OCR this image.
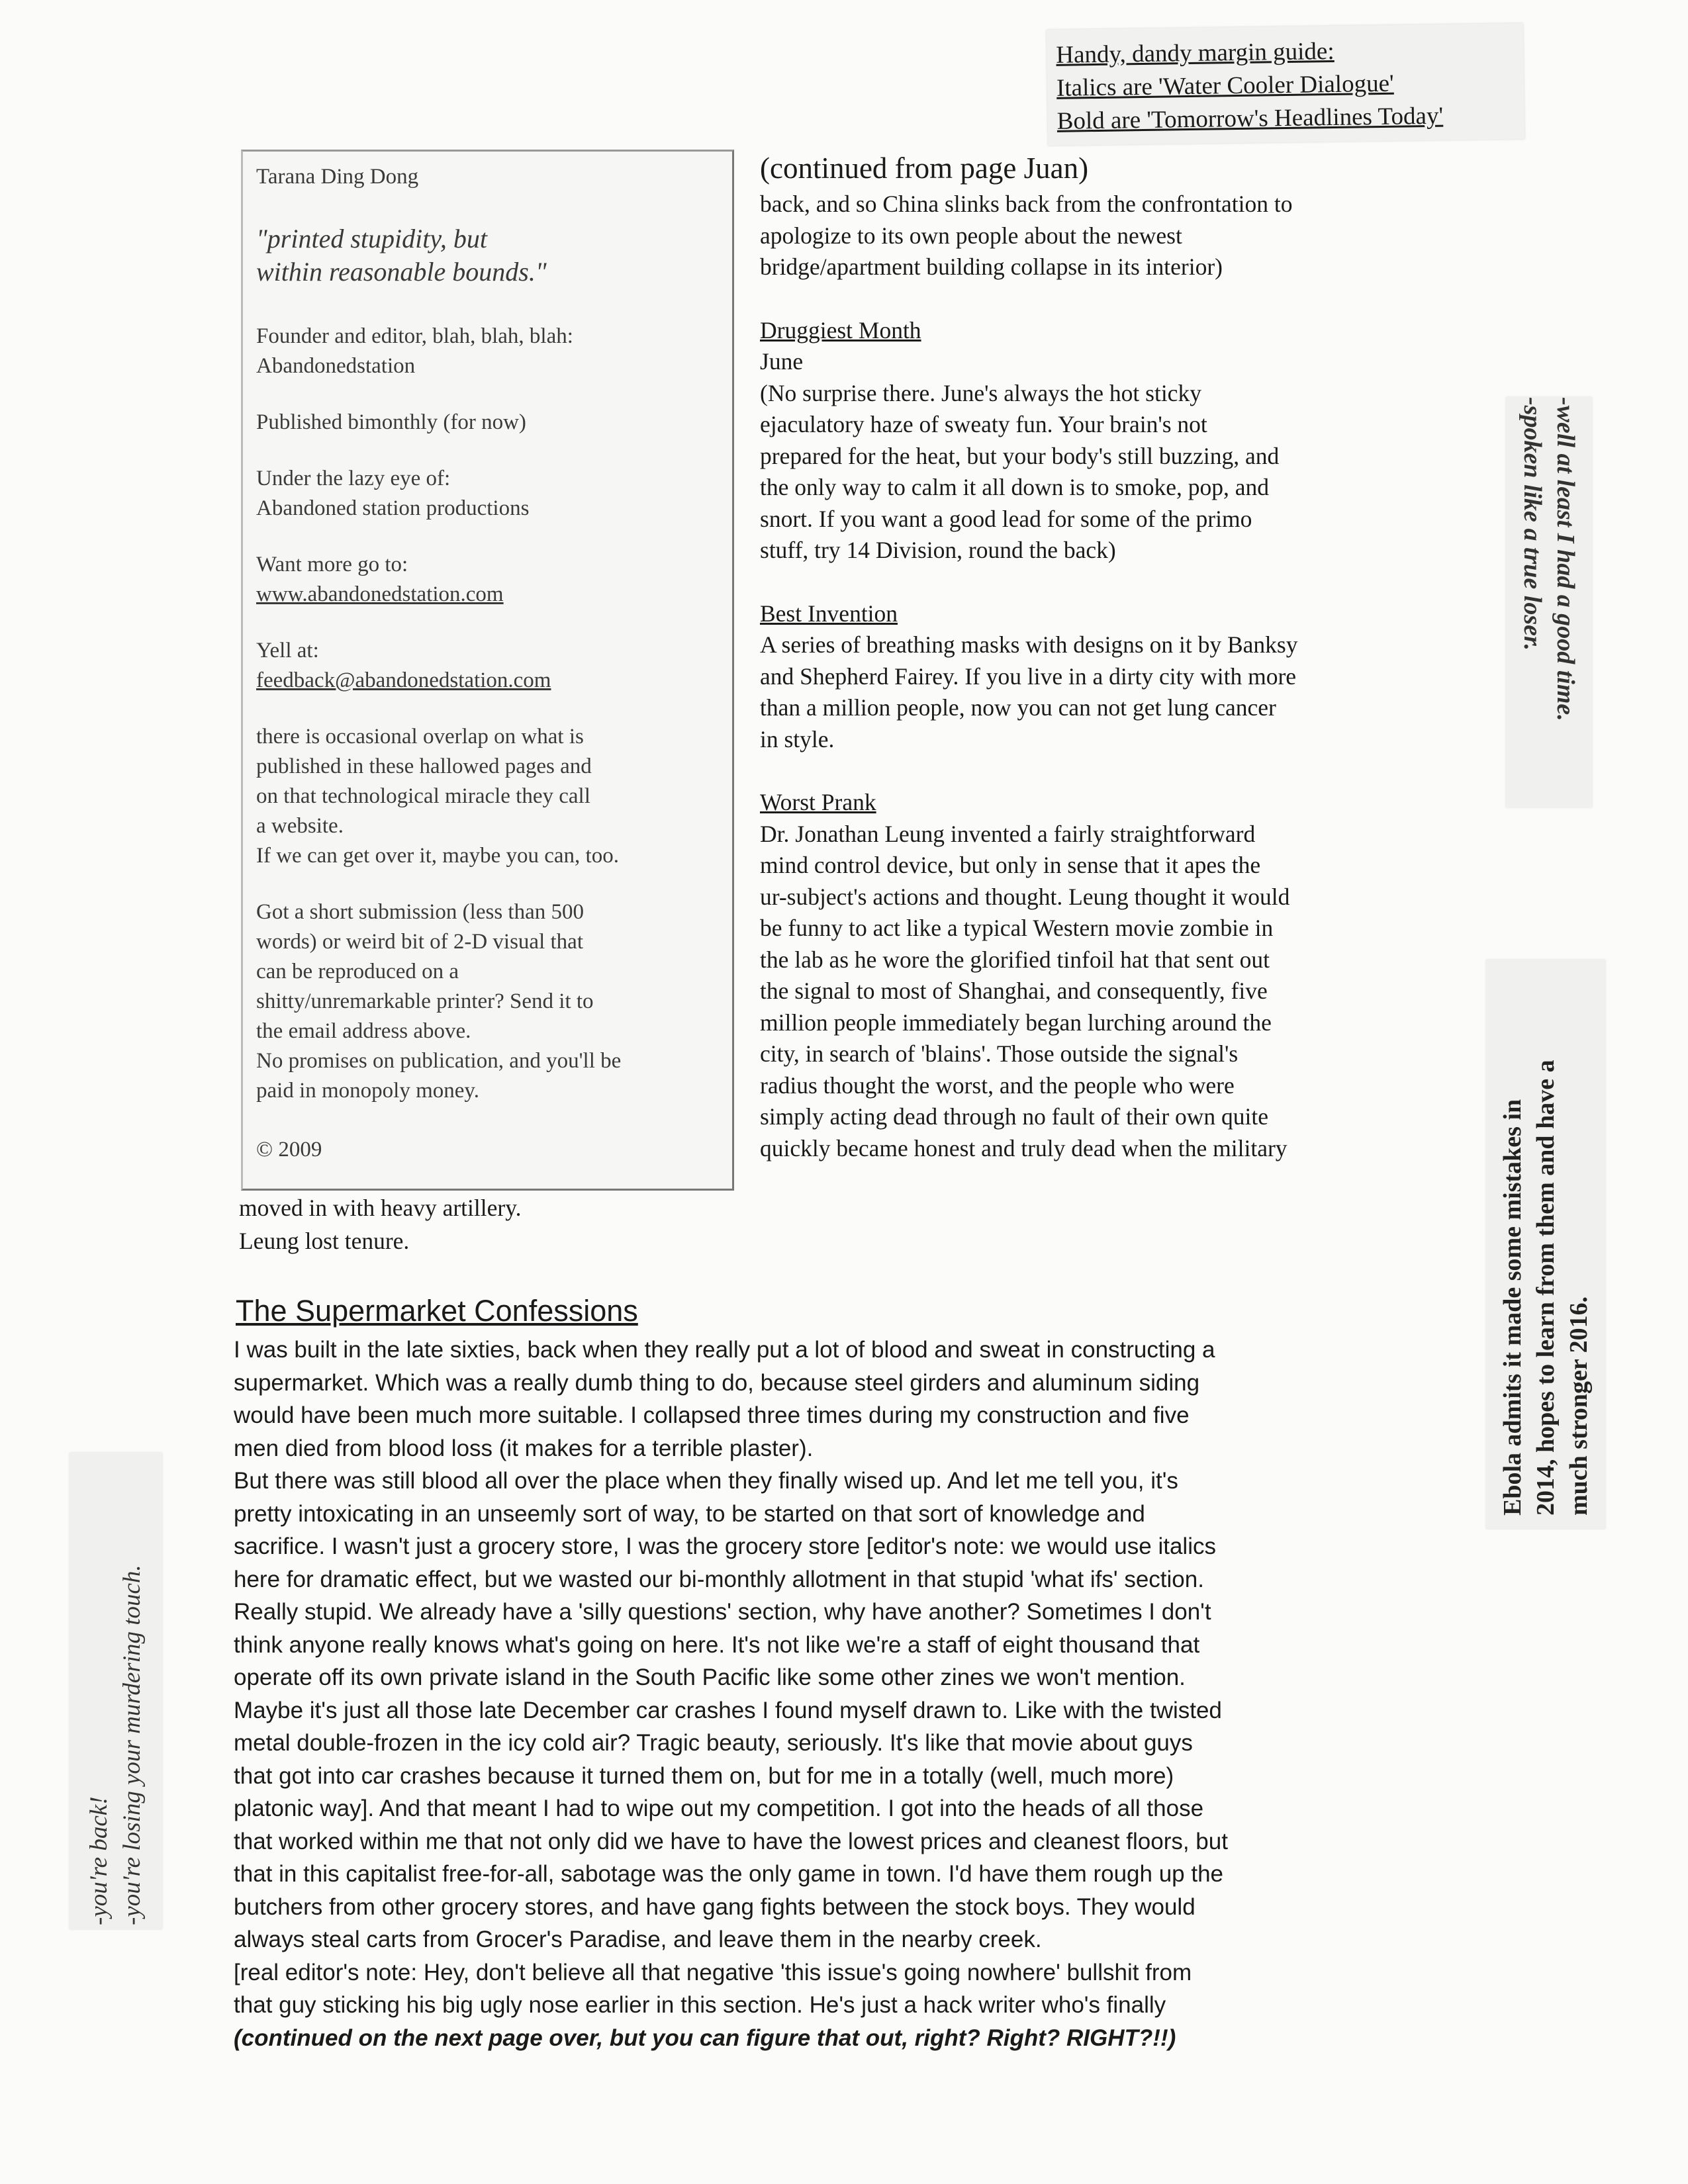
Handy, dandy margin guide:
Italics are 'Water Cooler Dialogue'
Bold are 'Tomorrow's Headlines Today'
Tarana Ding Dong
"printed stupidity, but
within reasonable bounds."
Founder and editor, blah, blah, blah:
Abandonedstation
Published bimonthly (for now)
Under the lazy eye of:
Abandoned station productions
Want more go to:
www.abandonedstation.com
Yell at:
feedback@abandonedstation.com
there is occasional overlap on what is
published in these hallowed pages and
on that technological miracle they call
a website.
If we can get over it, maybe you can, too.
Got a short submission (less than 500
words) or weird bit of 2-D visual that
can be reproduced on a
shitty/unremarkable printer? Send it to
the email address above.
No promises on publication, and you'll be
paid in monopoly money.
© 2009
(continued from page Juan)
back, and so China slinks back from the confrontation to
apologize to its own people about the newest
bridge/apartment building collapse in its interior)
Druggiest Month
June
(No surprise there. June's always the hot sticky
ejaculatory haze of sweaty fun. Your brain's not
prepared for the heat, but your body's still buzzing, and
the only way to calm it all down is to smoke, pop, and
snort. If you want a good lead for some of the primo
stuff, try 14 Division, round the back)
Best Invention
A series of breathing masks with designs on it by Banksy
and Shepherd Fairey. If you live in a dirty city with more
than a million people, now you can not get lung cancer
in style.
Worst Prank
Dr. Jonathan Leung invented a fairly straightforward
mind control device, but only in sense that it apes the
ur-subject's actions and thought. Leung thought it would
be funny to act like a typical Western movie zombie in
the lab as he wore the glorified tinfoil hat that sent out
the signal to most of Shanghai, and consequently, five
million people immediately began lurching around the
city, in search of 'blains'. Those outside the signal's
radius thought the worst, and the people who were
simply acting dead through no fault of their own quite
quickly became honest and truly dead when the military
moved in with heavy artillery.
Leung lost tenure.
The Supermarket Confessions
I was built in the late sixties, back when they really put a lot of blood and sweat in constructing a
supermarket. Which was a really dumb thing to do, because steel girders and aluminum siding
would have been much more suitable. I collapsed three times during my construction and five
men died from blood loss (it makes for a terrible plaster).
But there was still blood all over the place when they finally wised up. And let me tell you, it's
pretty intoxicating in an unseemly sort of way, to be started on that sort of knowledge and
sacrifice. I wasn't just a grocery store, I was the grocery store [editor's note: we would use italics
here for dramatic effect, but we wasted our bi-monthly allotment in that stupid 'what ifs' section.
Really stupid. We already have a 'silly questions' section, why have another? Sometimes I don't
think anyone really knows what's going on here. It's not like we're a staff of eight thousand that
operate off its own private island in the South Pacific like some other zines we won't mention.
Maybe it's just all those late December car crashes I found myself drawn to. Like with the twisted
metal double-frozen in the icy cold air? Tragic beauty, seriously. It's like that movie about guys
that got into car crashes because it turned them on, but for me in a totally (well, much more)
platonic way]. And that meant I had to wipe out my competition. I got into the heads of all those
that worked within me that not only did we have to have the lowest prices and cleanest floors, but
that in this capitalist free-for-all, sabotage was the only game in town. I'd have them rough up the
butchers from other grocery stores, and have gang fights between the stock boys. They would
always steal carts from Grocer's Paradise, and leave them in the nearby creek.
[real editor's note: Hey, don't believe all that negative 'this issue's going nowhere' bullshit from
that guy sticking his big ugly nose earlier in this section. He's just a hack writer who's finally
(continued on the next page over, but you can figure that out, right? Right? RIGHT?!!)
-well at least I had a good time.
-spoken like a true loser.
Ebola admits it made some mistakes in 2014, hopes to learn from them and have a much stronger 2016.
-you're back! -you're losing your murdering touch.
